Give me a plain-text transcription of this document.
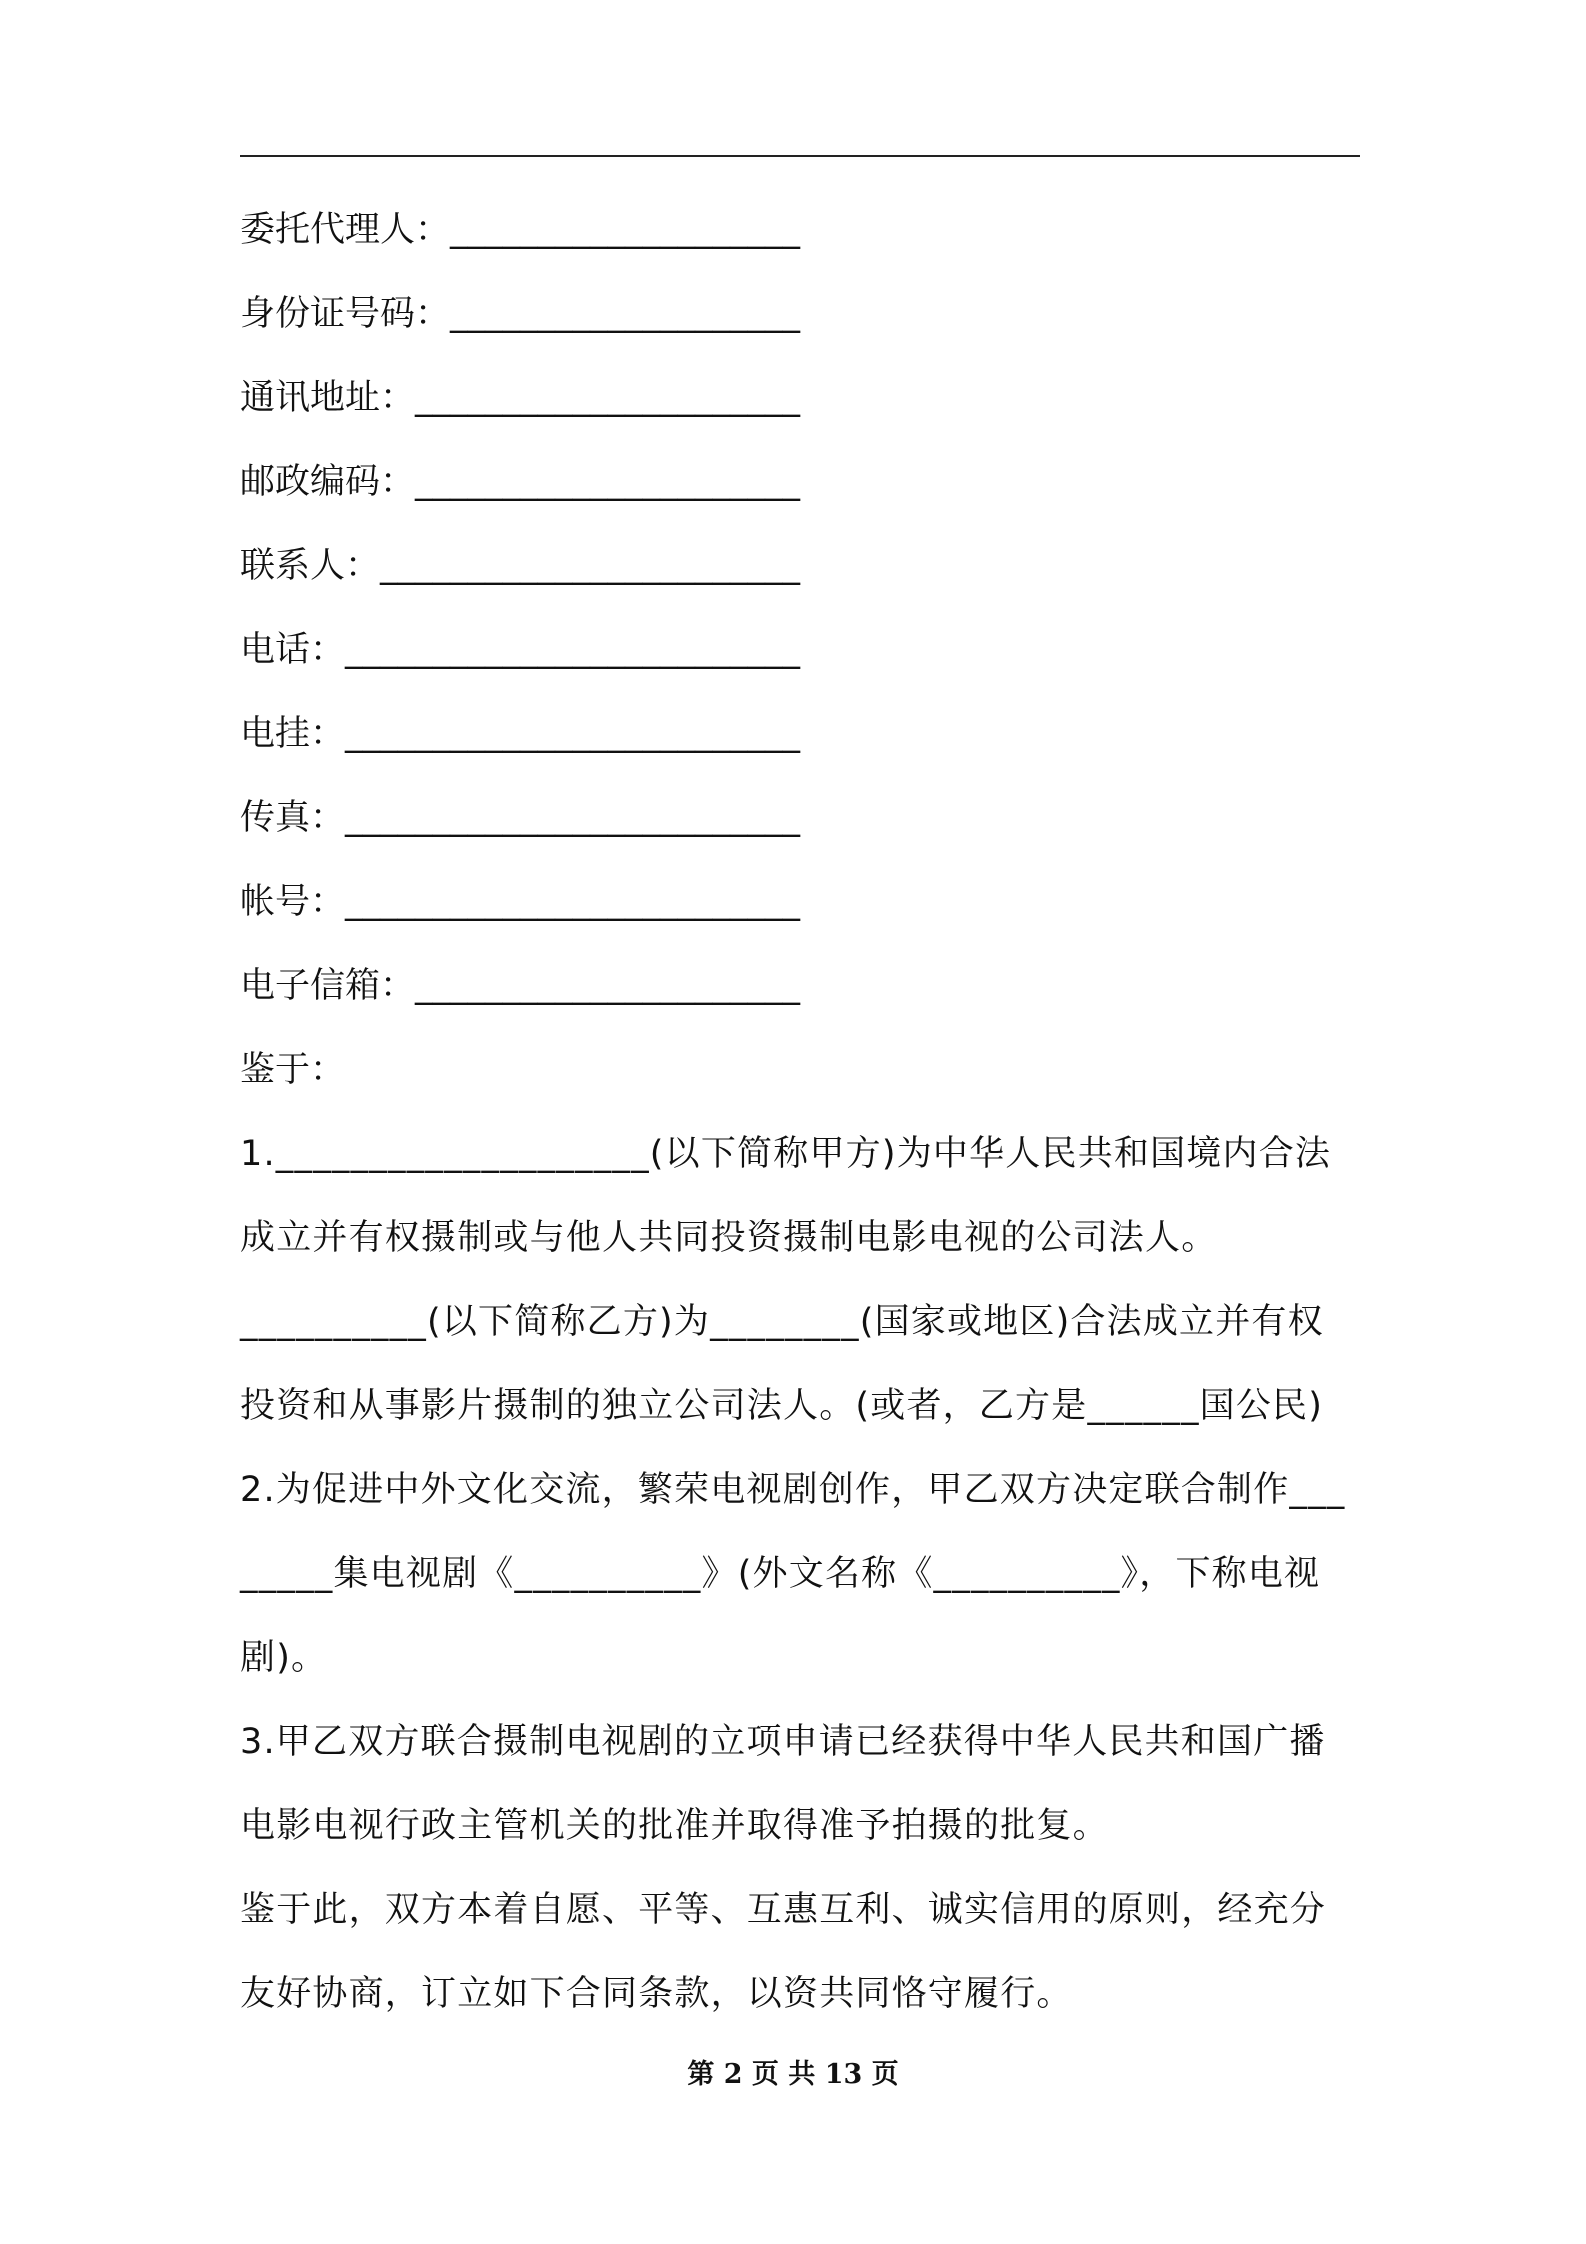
委托代理人：____________________
身份证号码：____________________
通讯地址：______________________
邮政编码：______________________
联系人：________________________
电话：__________________________
电挂：__________________________
传真：__________________________
帐号：__________________________
电子信箱：______________________
鉴于：
1.____________________(以下简称甲方)为中华人民共和国境内合法成立并有权摄制或与他人共同投资摄制电影电视的公司法人。
__________(以下简称乙方)为________(国家或地区)合法成立并有权投资和从事影片摄制的独立公司法人。(或者，乙方是______国公民)
2.为促进中外文化交流，繁荣电视剧创作，甲乙双方决定联合制作________集电视剧《__________》(外文名称《__________》，下称电视剧)。
3.甲乙双方联合摄制电视剧的立项申请已经获得中华人民共和国广播电影电视行政主管机关的批准并取得准予拍摄的批复。
鉴于此，双方本着自愿、平等、互惠互利、诚实信用的原则，经充分友好协商，订立如下合同条款，以资共同恪守履行。
第 2 页 共 13 页
